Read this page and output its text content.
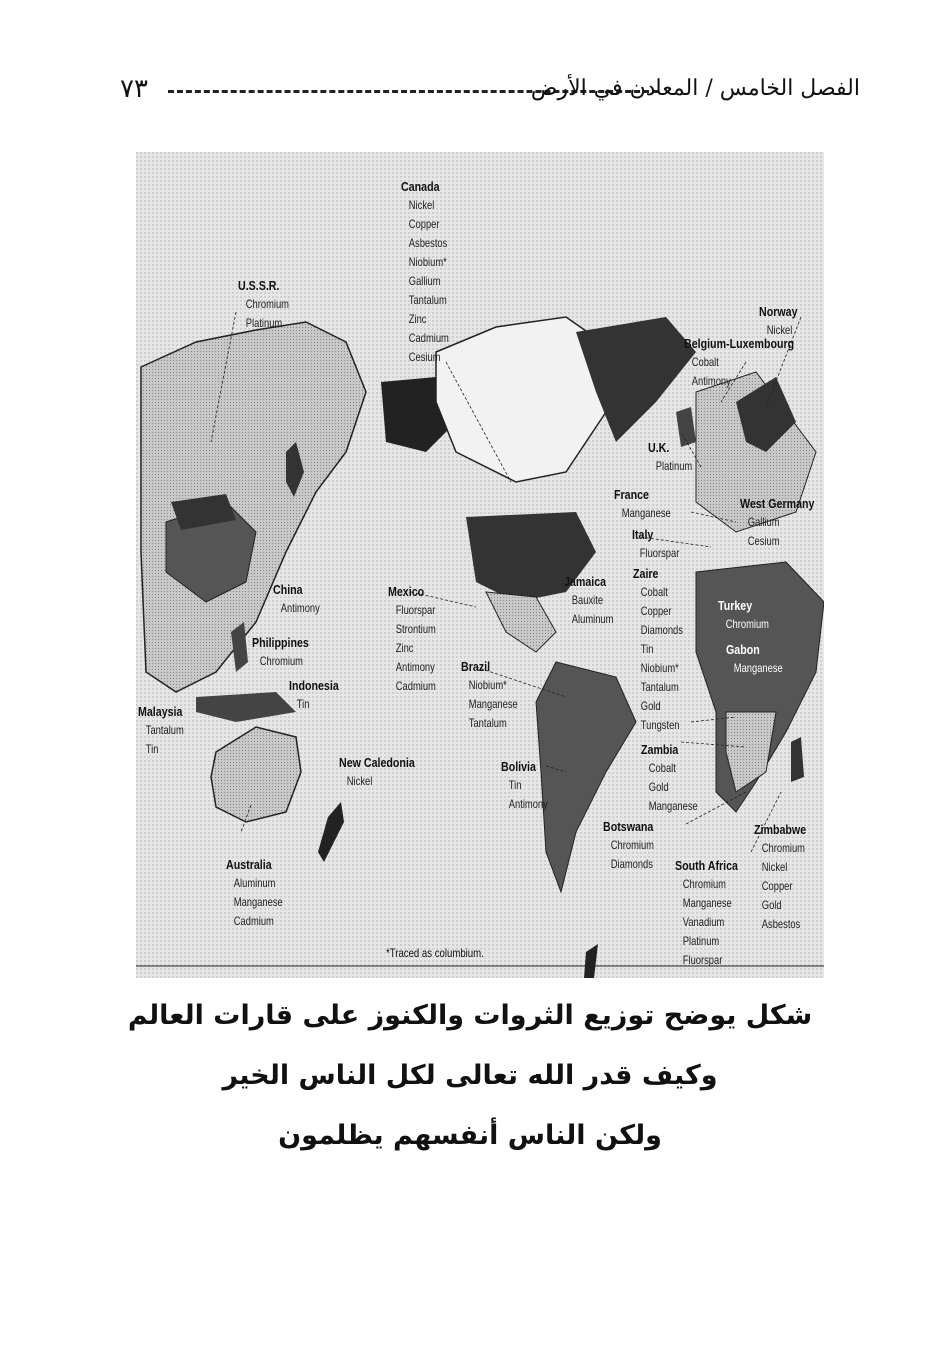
٧٣	الفصل الخامس / المعادن في الأرض
Canada
Nickel
Copper
Asbestos
Niobium*
Gallium
Tantalum
Zinc
Cadmium
Cesium
U.S.S.R.
Chromium
Platinum
Norway
Nickel
Belgium-Luxembourg
Cobalt
Antimony
U.K.
Platinum
France
Manganese
West Germany
Gallium
Cesium
Italy
Fluorspar
Zaire
Cobalt
Copper
Diamonds
Tin
Niobium*
Tantalum
Gold
Tungsten
Turkey
Chromium
Gabon
Manganese
China
Antimony
Philippines
Chromium
Indonesia
Tin
Malaysia
Tantalum
Tin
Mexico
Fluorspar
Strontium
Zinc
Antimony
Cadmium
Jamaica
Bauxite
Aluminum
Brazil
Niobium*
Manganese
Tantalum
New Caledonia
Nickel
Bolivia
Tin
Antimony
Zambia
Cobalt
Gold
Manganese
Botswana
Chromium
Diamonds
Zimbabwe
Chromium
Nickel
Copper
Gold
Asbestos
South Africa
Chromium
Manganese
Vanadium
Platinum
Fluorspar
Australia
Aluminum
Manganese
Cadmium
*Traced as columbium.
شكل يوضح توزيع الثروات والكنوز على قارات العالم
وكيف قدر الله تعالى لكل الناس الخير
ولكن الناس أنفسهم يظلمون
